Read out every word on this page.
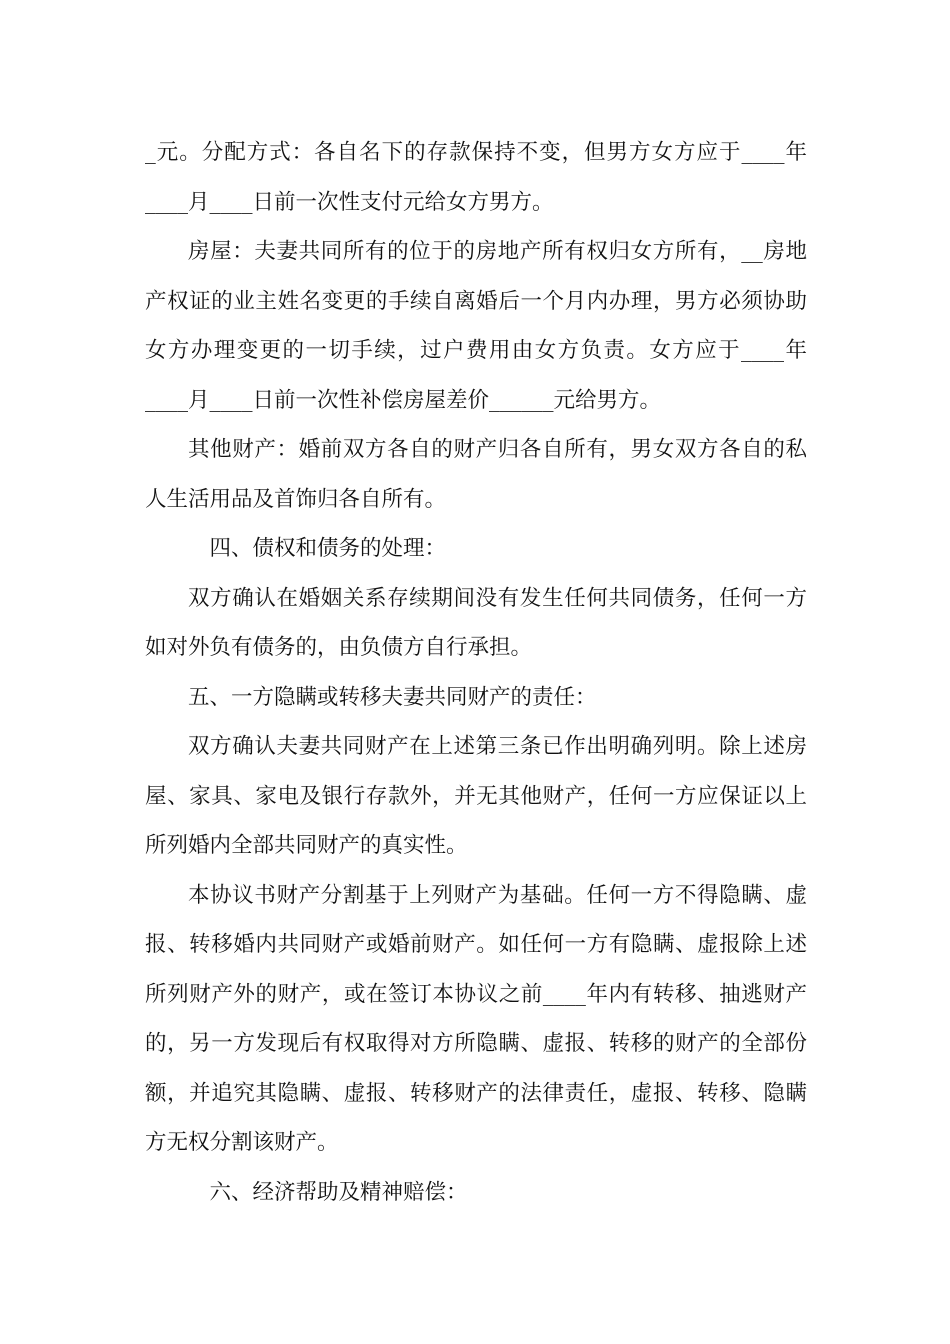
_元。分配方式：各自名下的存款保持不变，但男方女方应于____年____月____日前一次性支付元给女方男方。

房屋：夫妻共同所有的位于的房地产所有权归女方所有，__房地产权证的业主姓名变更的手续自离婚后一个月内办理，男方必须协助女方办理变更的一切手续，过户费用由女方负责。女方应于____年____月____日前一次性补偿房屋差价______元给男方。

其他财产：婚前双方各自的财产归各自所有，男女双方各自的私人生活用品及首饰归各自所有。

四、债权和债务的处理：

双方确认在婚姻关系存续期间没有发生任何共同债务，任何一方如对外负有债务的，由负债方自行承担。

五、一方隐瞒或转移夫妻共同财产的责任：

双方确认夫妻共同财产在上述第三条已作出明确列明。除上述房屋、家具、家电及银行存款外，并无其他财产，任何一方应保证以上所列婚内全部共同财产的真实性。

本协议书财产分割基于上列财产为基础。任何一方不得隐瞒、虚报、转移婚内共同财产或婚前财产。如任何一方有隐瞒、虚报除上述所列财产外的财产，或在签订本协议之前____年内有转移、抽逃财产的，另一方发现后有权取得对方所隐瞒、虚报、转移的财产的全部份额，并追究其隐瞒、虚报、转移财产的法律责任，虚报、转移、隐瞒方无权分割该财产。

六、经济帮助及精神赔偿：
